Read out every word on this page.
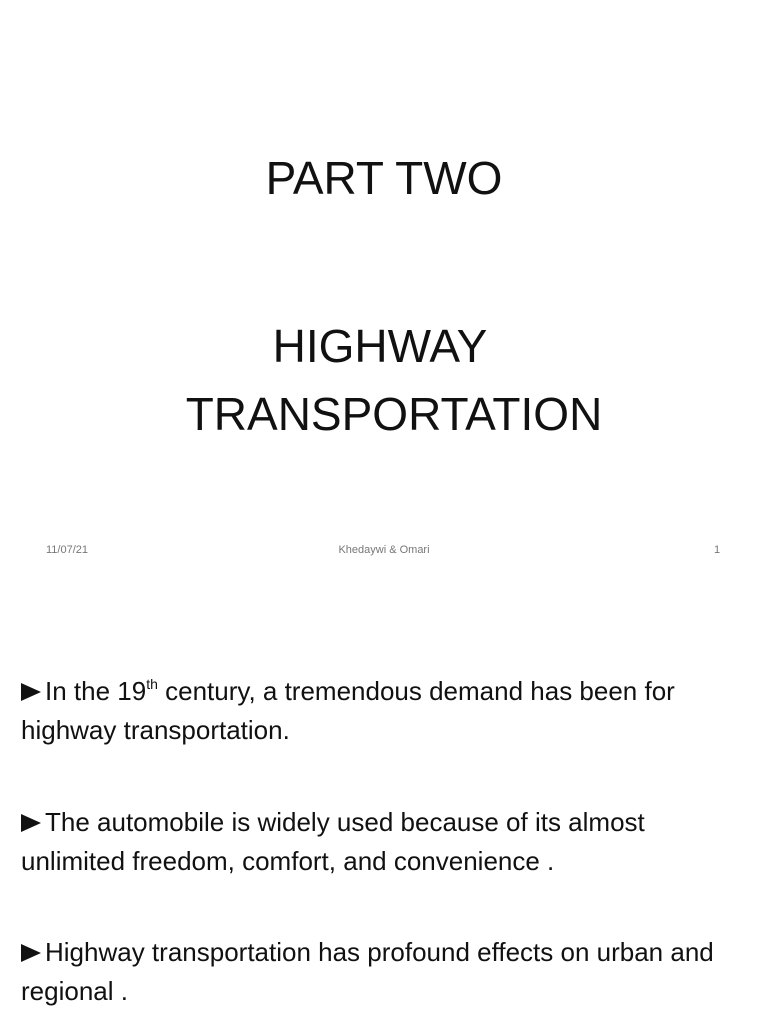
PART TWO
HIGHWAY
TRANSPORTATION
11/07/21	Khedaywi & Omari	1
In the 19th century, a tremendous demand has been for highway transportation.
The automobile is widely used because of its almost unlimited freedom, comfort, and convenience .
Highway transportation has profound effects on urban and regional .
